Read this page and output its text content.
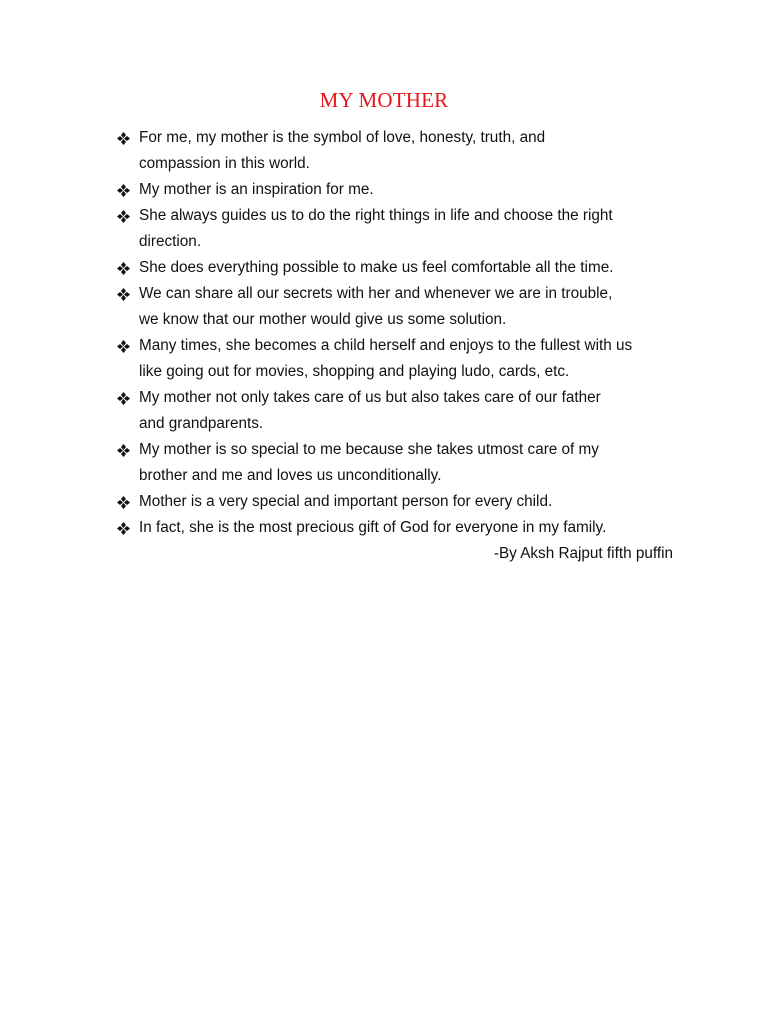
MY MOTHER
For me, my mother is the symbol of love, honesty, truth, and
compassion in this world.
My mother is an inspiration for me.
She always guides us to do the right things in life and choose the right
direction.
She does everything possible to make us feel comfortable all the time.
We can share all our secrets with her and whenever we are in trouble,
we know that our mother would give us some solution.
Many times, she becomes a child herself and enjoys to the fullest with us
like going out for movies, shopping and playing ludo, cards, etc.
My mother not only takes care of us but also takes care of our father
and grandparents.
My mother is so special to me because she takes utmost care of my
brother and me and loves us unconditionally.
Mother is a very special and important person for every child.
In fact, she is the most precious gift of God for everyone in my family.
-By Aksh Rajput fifth puffin
